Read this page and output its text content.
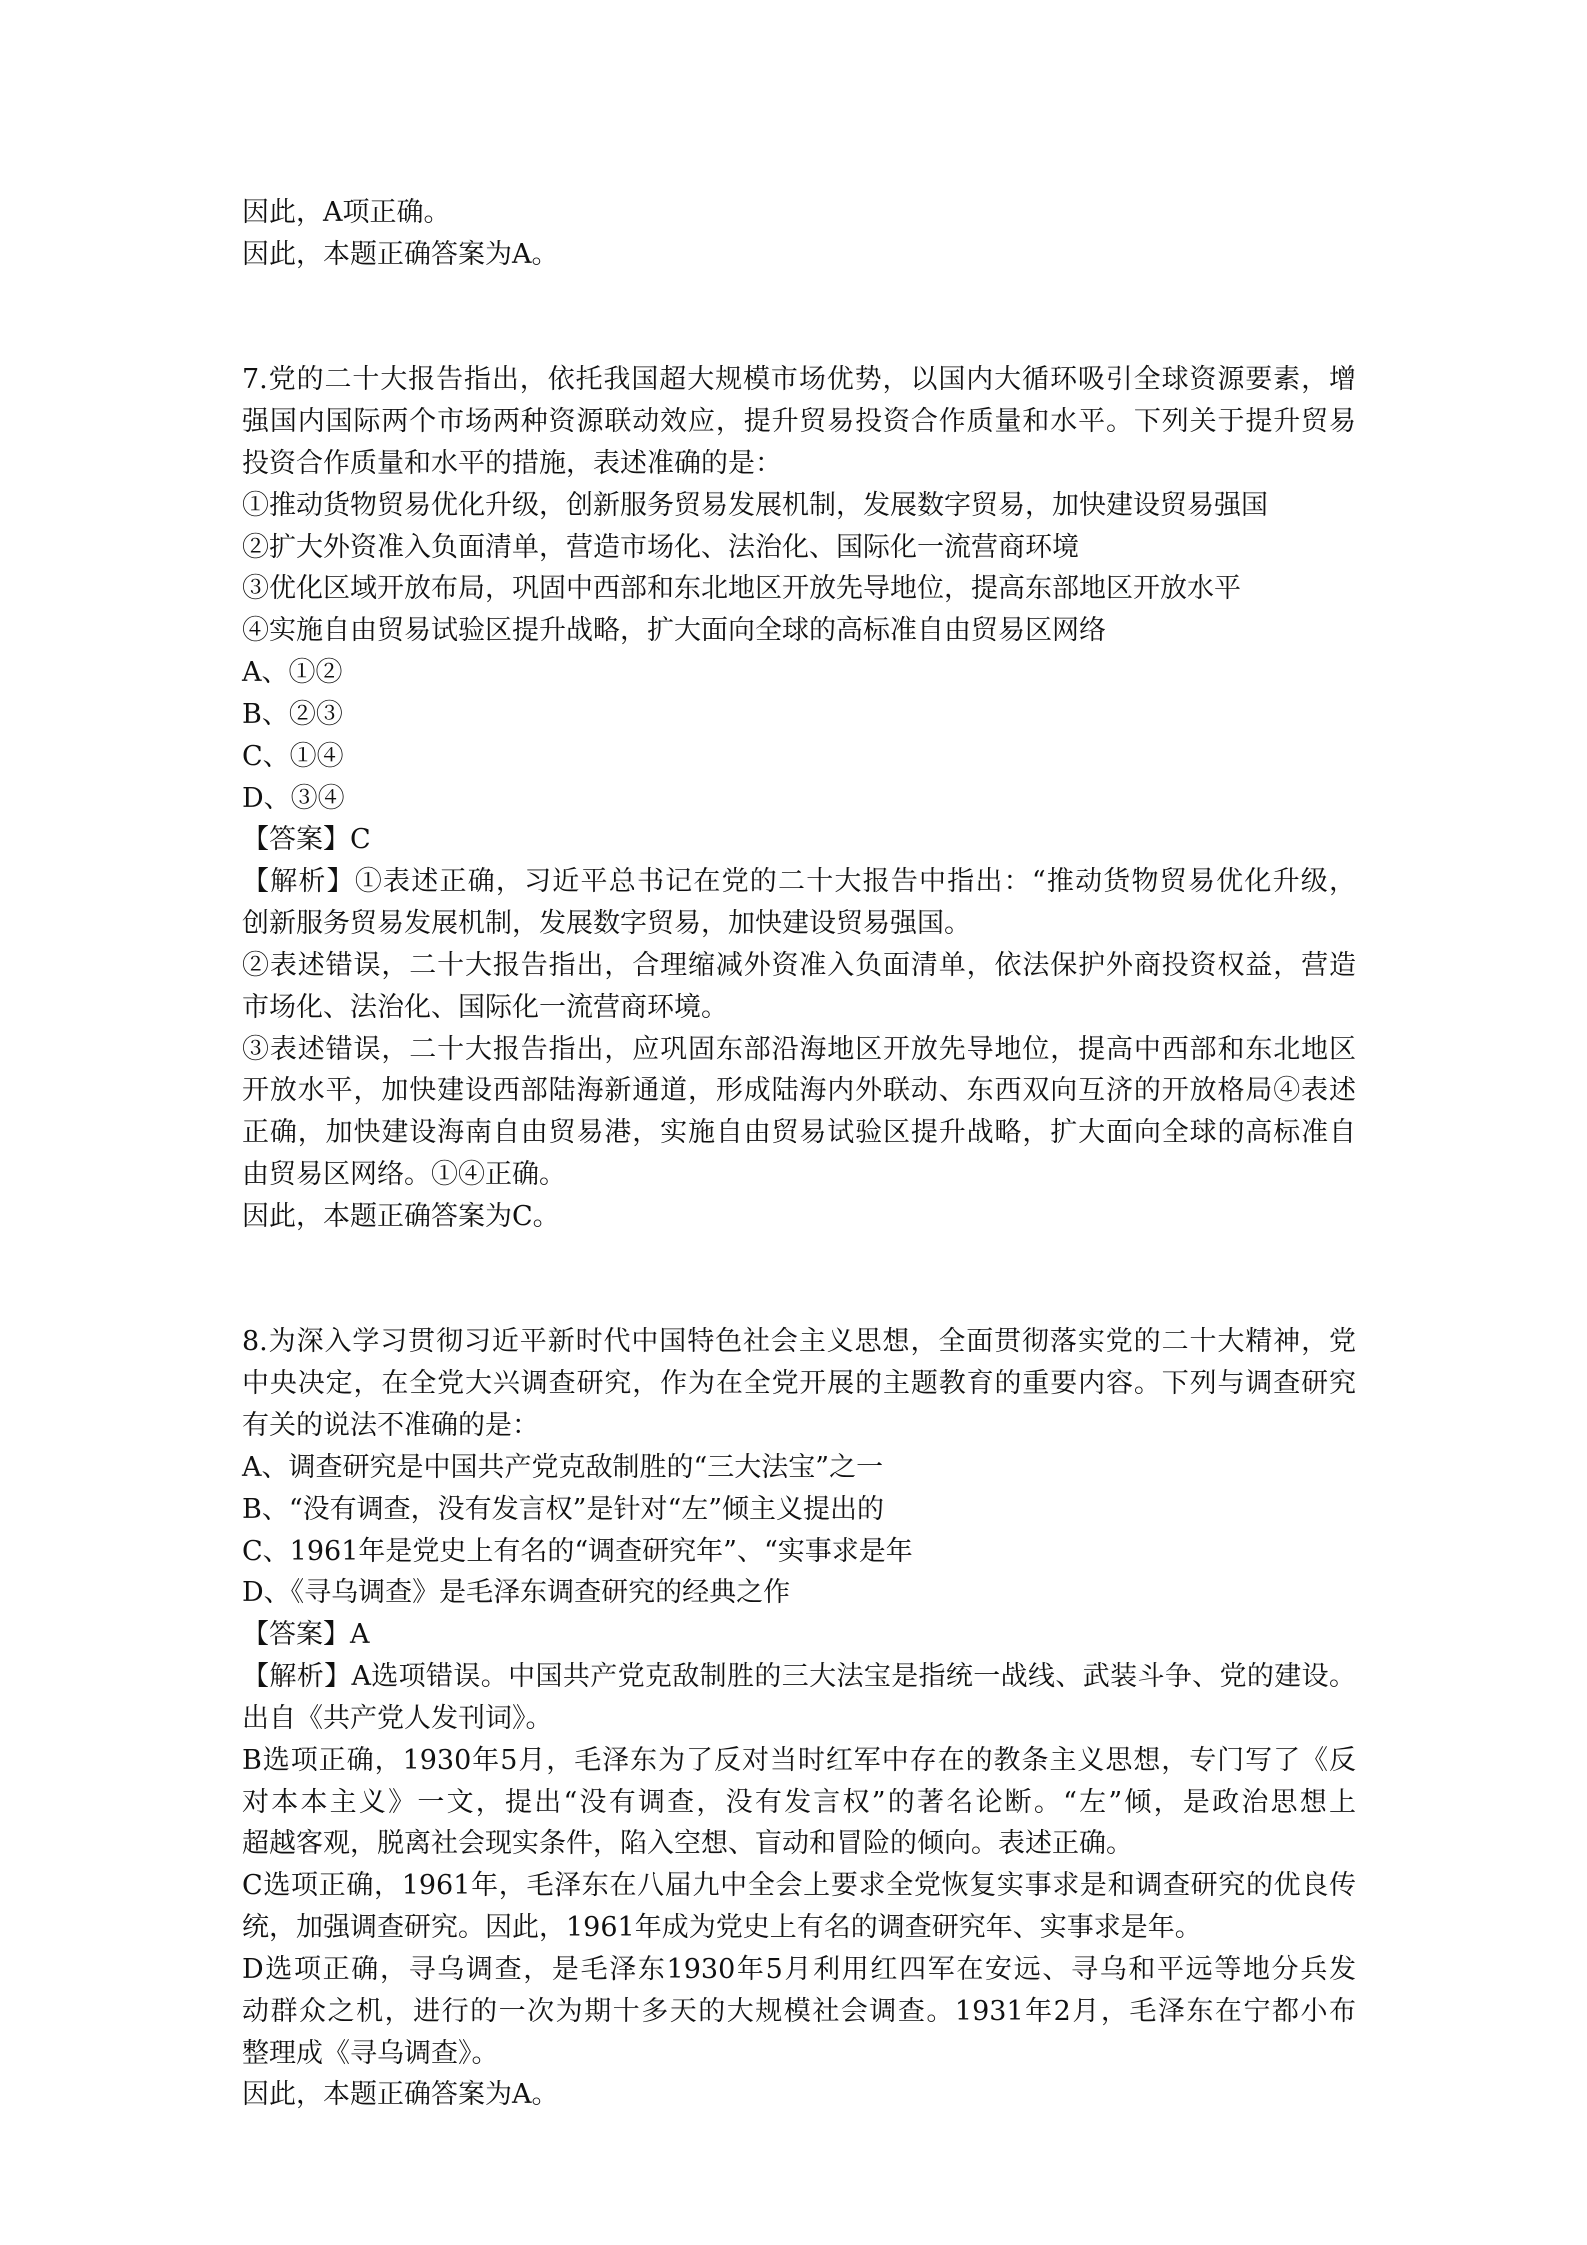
因此，A项正确。
因此，本题正确答案为A。
7.党的二十大报告指出，依托我国超大规模市场优势，以国内大循环吸引全球资源要素，增
强国内国际两个市场两种资源联动效应，提升贸易投资合作质量和水平。下列关于提升贸易
投资合作质量和水平的措施，表述准确的是：
①推动货物贸易优化升级，创新服务贸易发展机制，发展数字贸易，加快建设贸易强国
②扩大外资准入负面清单，营造市场化、法治化、国际化一流营商环境
③优化区域开放布局，巩固中西部和东北地区开放先导地位，提高东部地区开放水平
④实施自由贸易试验区提升战略，扩大面向全球的高标准自由贸易区网络
A、①②
B、②③
C、①④
D、③④
【答案】C
【解析】①表述正确，习近平总书记在党的二十大报告中指出：“推动货物贸易优化升级，
创新服务贸易发展机制，发展数字贸易，加快建设贸易强国。
②表述错误，二十大报告指出，合理缩减外资准入负面清单，依法保护外商投资权益，营造
市场化、法治化、国际化一流营商环境。
③表述错误，二十大报告指出，应巩固东部沿海地区开放先导地位，提高中西部和东北地区
开放水平，加快建设西部陆海新通道，形成陆海内外联动、东西双向互济的开放格局④表述
正确，加快建设海南自由贸易港，实施自由贸易试验区提升战略，扩大面向全球的高标准自
由贸易区网络。①④正确。
因此，本题正确答案为C。
8.为深入学习贯彻习近平新时代中国特色社会主义思想，全面贯彻落实党的二十大精神，党
中央决定，在全党大兴调查研究，作为在全党开展的主题教育的重要内容。下列与调查研究
有关的说法不准确的是：
A、调查研究是中国共产党克敌制胜的“三大法宝”之一
B、“没有调查，没有发言权”是针对“左”倾主义提出的
C、1961年是党史上有名的“调查研究年”、“实事求是年
D、《寻乌调查》是毛泽东调查研究的经典之作
【答案】A
【解析】A选项错误。中国共产党克敌制胜的三大法宝是指统一战线、武装斗争、党的建设。
出自《共产党人发刊词》。
B选项正确，1930年5月，毛泽东为了反对当时红军中存在的教条主义思想，专门写了《反
对本本主义》一文，提出“没有调查，没有发言权”的著名论断。“左”倾，是政治思想上
超越客观，脱离社会现实条件，陷入空想、盲动和冒险的倾向。表述正确。
C选项正确，1961年，毛泽东在八届九中全会上要求全党恢复实事求是和调查研究的优良传
统，加强调查研究。因此，1961年成为党史上有名的调查研究年、实事求是年。
D选项正确，寻乌调查，是毛泽东1930年5月利用红四军在安远、寻乌和平远等地分兵发
动群众之机，进行的一次为期十多天的大规模社会调查。1931年2月，毛泽东在宁都小布
整理成《寻乌调查》。
因此，本题正确答案为A。
